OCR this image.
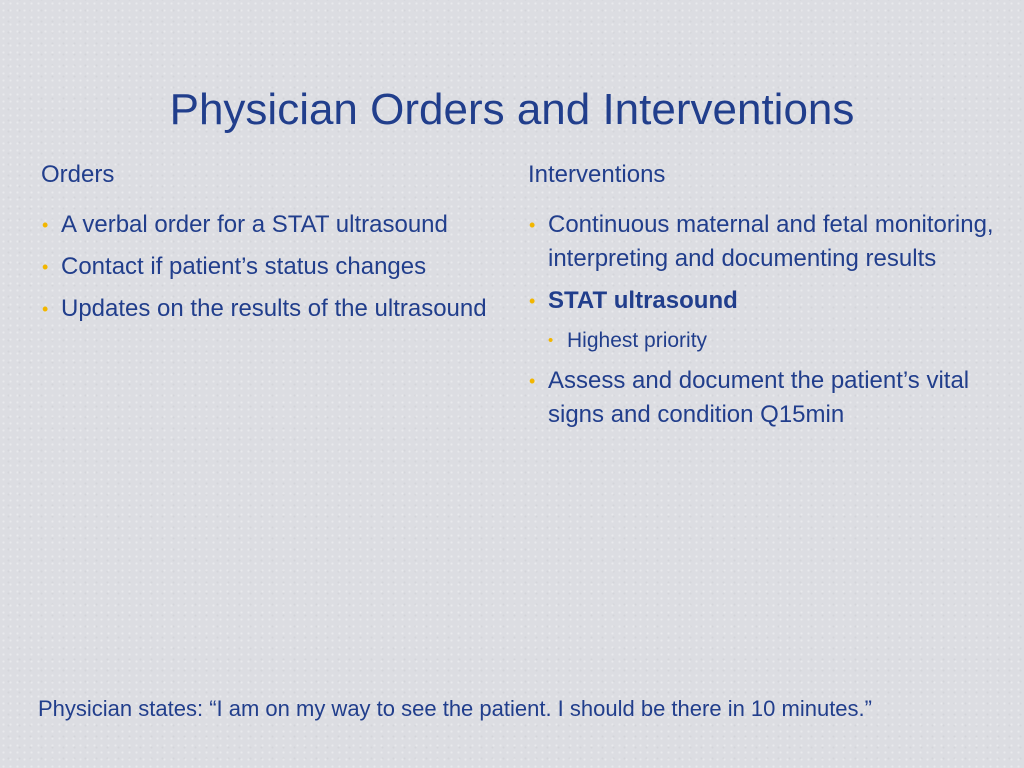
Physician Orders and Interventions
Orders	Interventions
• A verbal order for a STAT ultrasound
• Contact if patient’s status changes
• Updates on the results of the ultrasound
• Continuous maternal and fetal monitoring, interpreting and documenting results
• STAT ultrasound
• Highest priority
• Assess and document the patient’s vital signs and condition Q15min
Physician states: “I am on my way to see the patient. I should be there in 10 minutes.”
